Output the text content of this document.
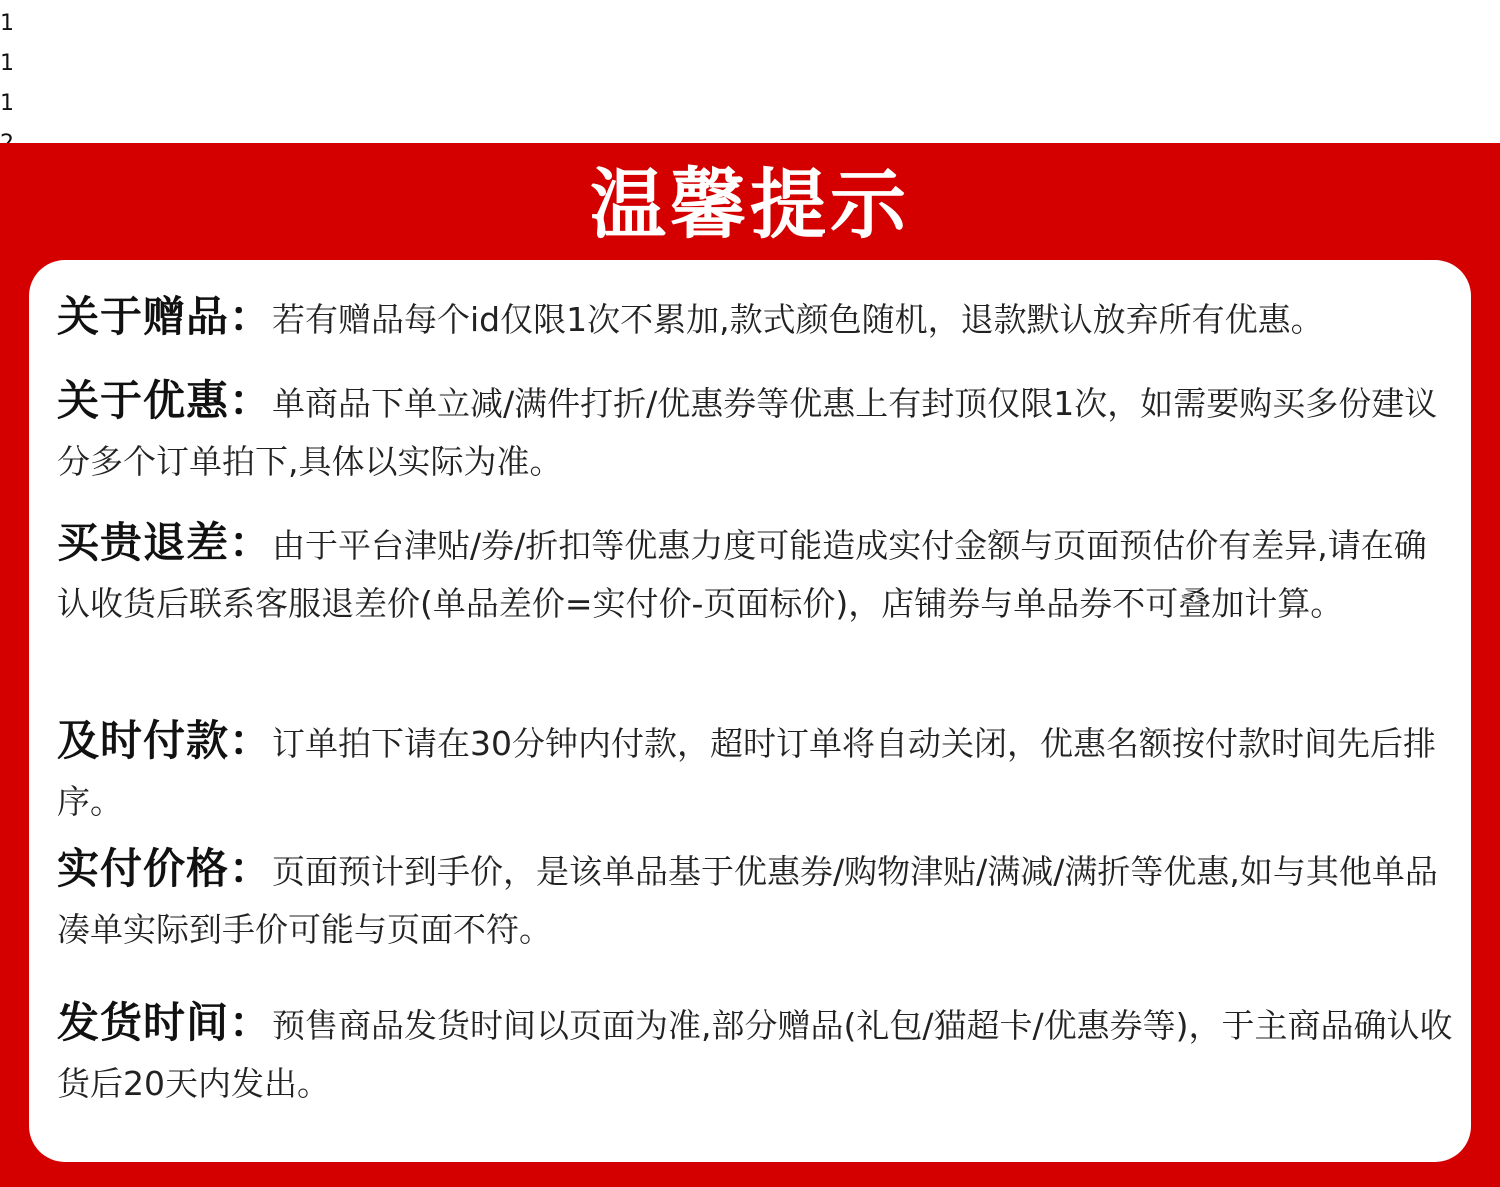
1
1
1
温馨提示
关于赠品：若有赠品每个id仅限1次不累加,款式颜色随机，退款默认放弃所有优惠。
关于优惠：单商品下单立减/满件打折/优惠券等优惠上有封顶仅限1次，如需要购买多份建议分多个订单拍下,具体以实际为准。
买贵退差：由于平台津贴/券/折扣等优惠力度可能造成实付金额与页面预估价有差异,请在确认收货后联系客服退差价(单品差价=实付价-页面标价)，店铺券与单品券不可叠加计算。
及时付款：订单拍下请在30分钟内付款，超时订单将自动关闭，优惠名额按付款时间先后排序。
实付价格：页面预计到手价，是该单品基于优惠券/购物津贴/满减/满折等优惠,如与其他单品凑单实际到手价可能与页面不符。
发货时间：预售商品发货时间以页面为准,部分赠品(礼包/猫超卡/优惠券等)，于主商品确认收货后20天内发出。
